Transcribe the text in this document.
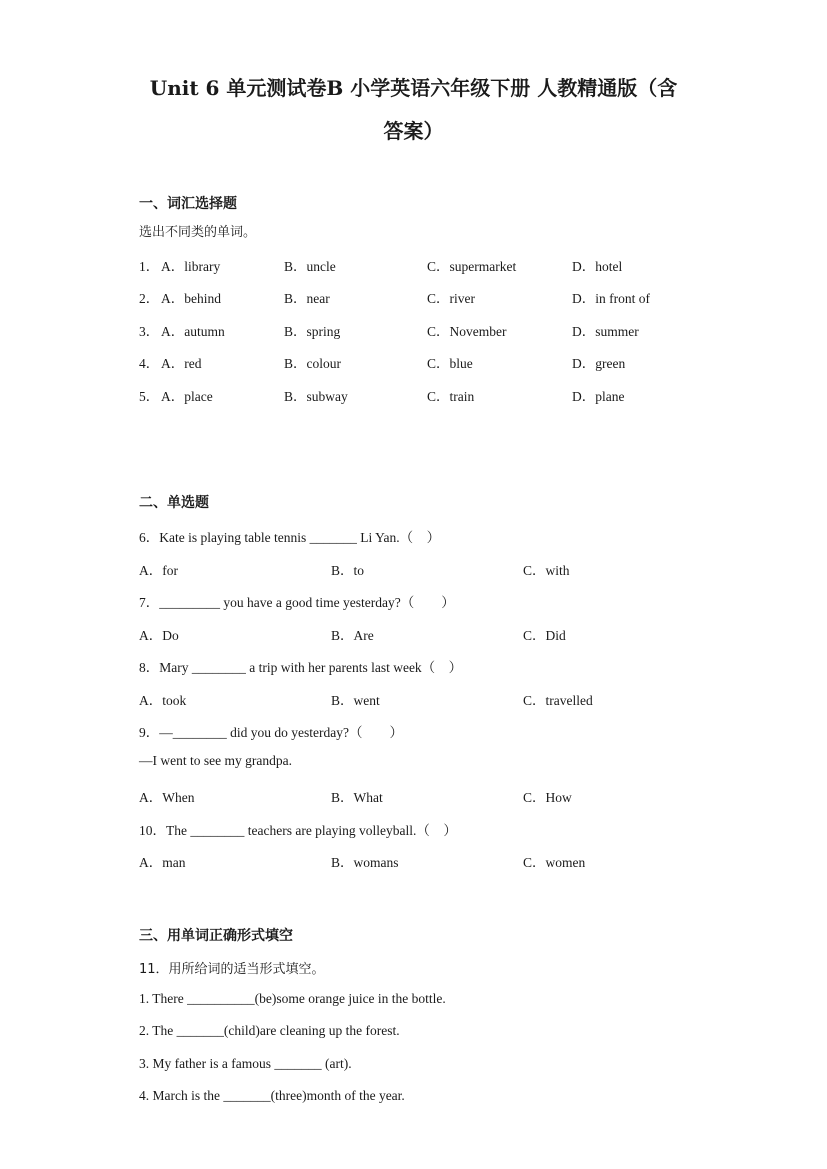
Unit 6 单元测试卷B 小学英语六年级下册 人教精通版（含
答案）
一、词汇选择题
选出不同类的单词。
1． A．library	B．uncle	C．supermarket	D．hotel
2． A．behind	B．near	C．river	D．in front of
3． A．autumn	B．spring	C．November	D．summer
4． A．red	B．colour	C．blue	D．green
5． A．place	B．subway	C．train	D．plane
二、单选题
6．Kate is playing table tennis _______ Li Yan.（　）
A．for	B．to	C．with
7．_________ you have a good time yesterday?（　　）
A．Do	B．Are	C．Did
8．Mary ________ a trip with her parents last week（　）
A．took	B．went	C．travelled
9．—________ did you do yesterday?（　　）
—I went to see my grandpa.
A．When	B．What	C．How
10．The ________ teachers are playing volleyball.（　）
A．man	B．womans	C．women
三、用单词正确形式填空
11．用所给词的适当形式填空。
1. There __________(be)some orange juice in the bottle.
2. The _______(child)are cleaning up the forest.
3. My father is a famous _______ (art).
4. March is the _______(three)month of the year.
